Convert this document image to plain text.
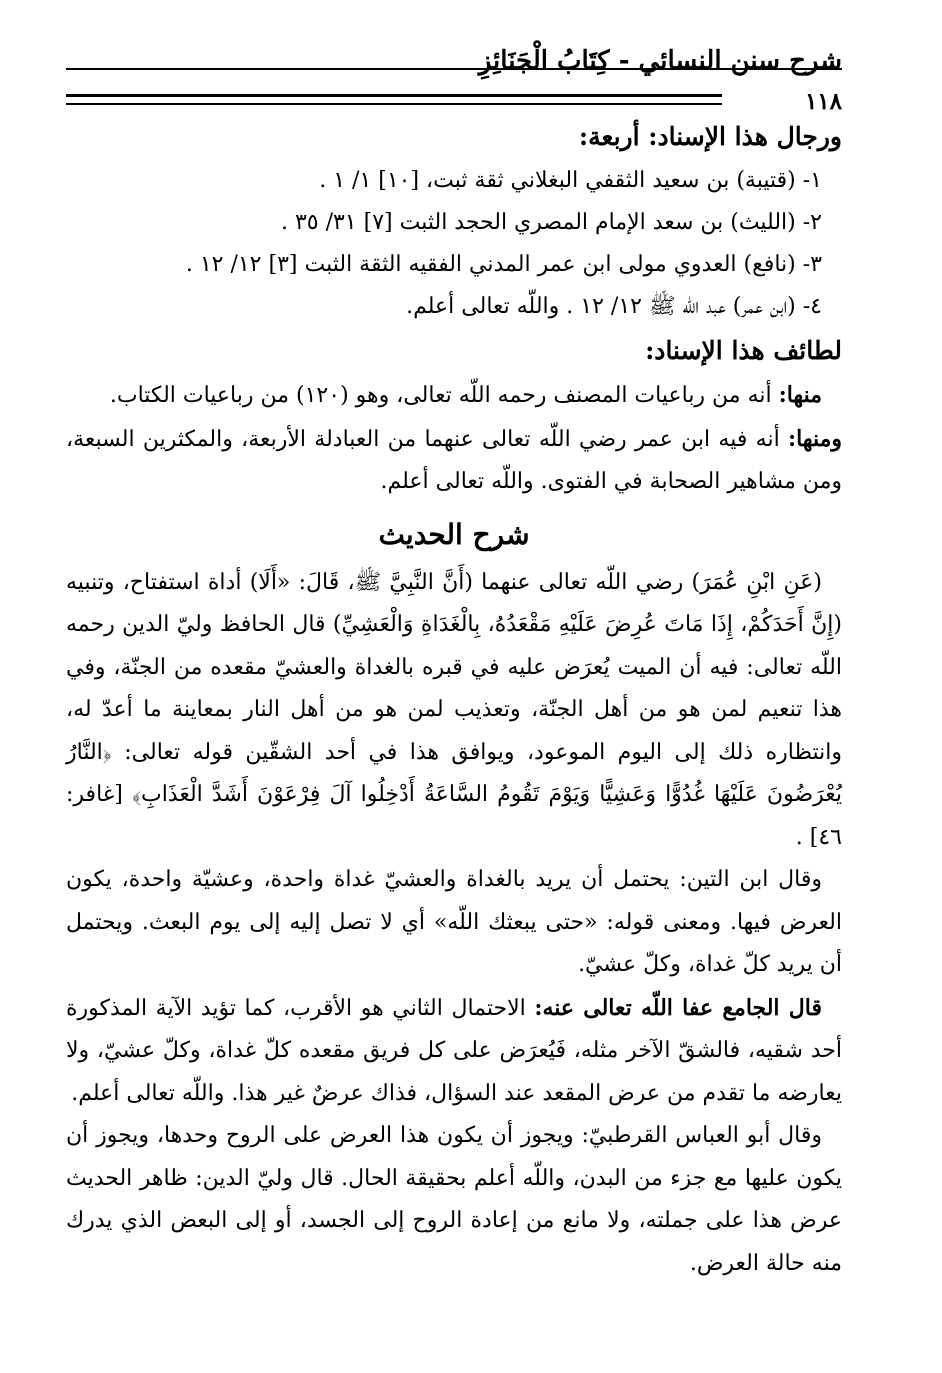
شرح سنن النسائي - كِتَابُ الْجَنَائِزِ
١١٨

ورجال هذا الإسناد: أربعة:

١- (قتيبة) بن سعيد الثقفي البغلاني ثقة ثبت، [١٠] ١/ ١ .

٢- (الليث) بن سعد الإمام المصري الحجد الثبت [٧] ٣١/ ٣٥ .

٣- (نافع) العدوي مولى ابن عمر المدني الفقيه الثقة الثبت [٣] ١٢/ ١٢ .

٤- (ابن عمر) عبد اللّه ﷺ ١٢/ ١٢ . واللّه تعالى أعلم.

لطائف هذا الإسناد:

منها: أنه من رباعيات المصنف رحمه اللّه تعالى، وهو (١٢٠) من رباعيات الكتاب.

ومنها: أنه فيه ابن عمر رضي اللّه تعالى عنهما من العبادلة الأربعة، والمكثرين السبعة، ومن مشاهير الصحابة في الفتوى. واللّه تعالى أعلم.

شرح الحديث

(عَنِ ابْنِ عُمَرَ) رضي اللّه تعالى عنهما (أَنَّ النَّبِيَّ ﷺ، قَالَ: «أَلَا) أداة استفتاح، وتنبيه (إِنَّ أَحَدَكُمْ، إِذَا مَاتَ عُرِضَ عَلَيْهِ مَقْعَدُهُ، بِالْغَدَاةِ وَالْعَشِيِّ) قال الحافظ وليّ الدين رحمه اللّه تعالى: فيه أن الميت يُعرَض عليه في قبره بالغداة والعشيّ مقعده من الجنّة، وفي هذا تنعيم لمن هو من أهل الجنّة، وتعذيب لمن هو من أهل النار بمعاينة ما أعدّ له، وانتظاره ذلك إلى اليوم الموعود، ويوافق هذا في أحد الشقّين قوله تعالى: ﴿النَّارُ يُعْرَضُونَ عَلَيْهَا غُدُوًّا وَعَشِيًّا وَيَوْمَ تَقُومُ السَّاعَةُ أَدْخِلُوا آلَ فِرْعَوْنَ أَشَدَّ الْعَذَابِ﴾ [غافر: ٤٦] .

وقال ابن التين: يحتمل أن يريد بالغداة والعشيّ غداة واحدة، وعشيّة واحدة، يكون العرض فيها. ومعنى قوله: «حتى يبعثك اللّه» أي لا تصل إليه إلى يوم البعث. ويحتمل أن يريد كلّ غداة، وكلّ عشيّ.

قال الجامع عفا اللّه تعالى عنه: الاحتمال الثاني هو الأقرب، كما تؤيد الآية المذكورة أحد شقيه، فالشقّ الآخر مثله، فَيُعرَض على كل فريق مقعده كلّ غداة، وكلّ عشيّ، ولا يعارضه ما تقدم من عرض المقعد عند السؤال، فذاك عرضٌ غير هذا. واللّه تعالى أعلم.

وقال أبو العباس القرطبيّ: ويجوز أن يكون هذا العرض على الروح وحدها، ويجوز أن يكون عليها مع جزء من البدن، واللّه أعلم بحقيقة الحال. قال وليّ الدين: ظاهر الحديث عرض هذا على جملته، ولا مانع من إعادة الروح إلى الجسد، أو إلى البعض الذي يدرك منه حالة العرض.
